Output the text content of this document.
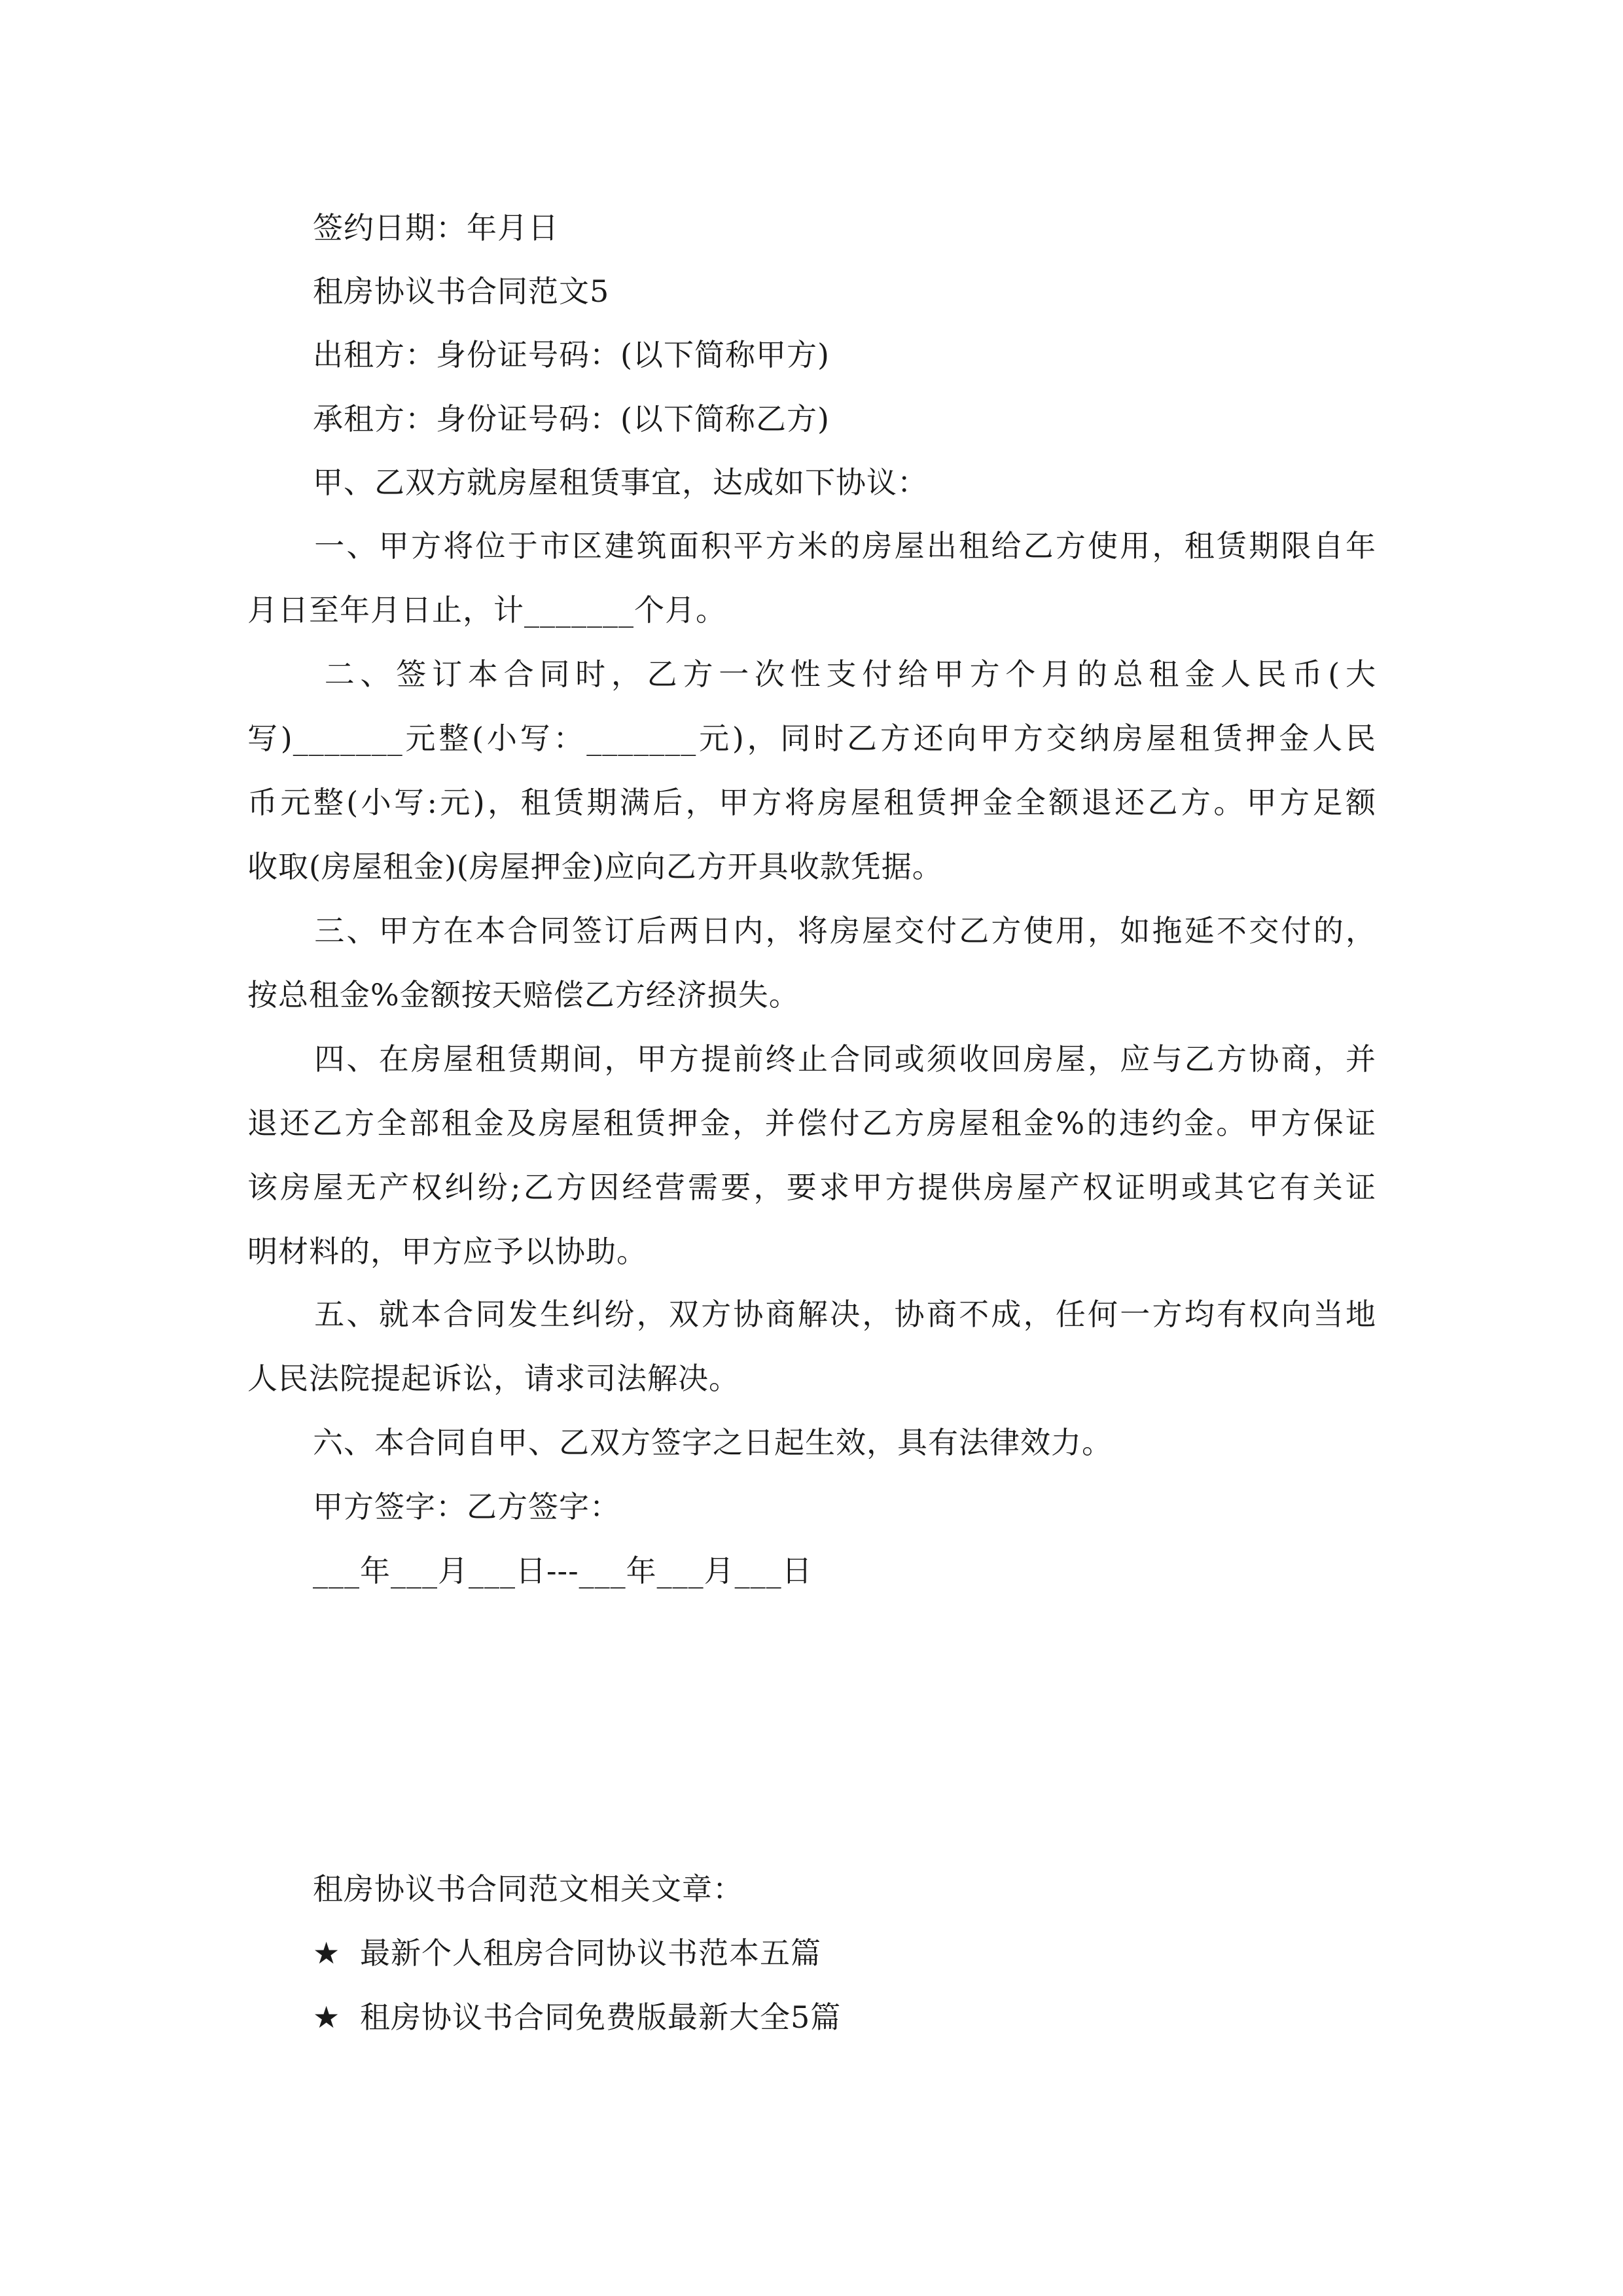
签约日期：年月日
租房协议书合同范文5
出租方：身份证号码：(以下简称甲方)
承租方：身份证号码：(以下简称乙方)
甲、乙双方就房屋租赁事宜，达成如下协议：
一、甲方将位于市区建筑面积平方米的房屋出租给乙方使用，租赁期限自年
月日至年月日止，计_______个月。
二、签订本合同时，乙方一次性支付给甲方个月的总租金人民币(大
写)_______元整(小写：_______元)，同时乙方还向甲方交纳房屋租赁押金人民
币元整(小写:元)，租赁期满后，甲方将房屋租赁押金全额退还乙方。甲方足额
收取(房屋租金)(房屋押金)应向乙方开具收款凭据。
三、甲方在本合同签订后两日内，将房屋交付乙方使用，如拖延不交付的，
按总租金%金额按天赔偿乙方经济损失。
四、在房屋租赁期间，甲方提前终止合同或须收回房屋，应与乙方协商，并
退还乙方全部租金及房屋租赁押金，并偿付乙方房屋租金%的违约金。甲方保证
该房屋无产权纠纷;乙方因经营需要，要求甲方提供房屋产权证明或其它有关证
明材料的，甲方应予以协助。
五、就本合同发生纠纷，双方协商解决，协商不成，任何一方均有权向当地
人民法院提起诉讼，请求司法解决。
六、本合同自甲、乙双方签字之日起生效，具有法律效力。
甲方签字：乙方签字：
___年___月___日---___年___月___日
租房协议书合同范文相关文章：
★ 最新个人租房合同协议书范本五篇
★ 租房协议书合同免费版最新大全5篇
